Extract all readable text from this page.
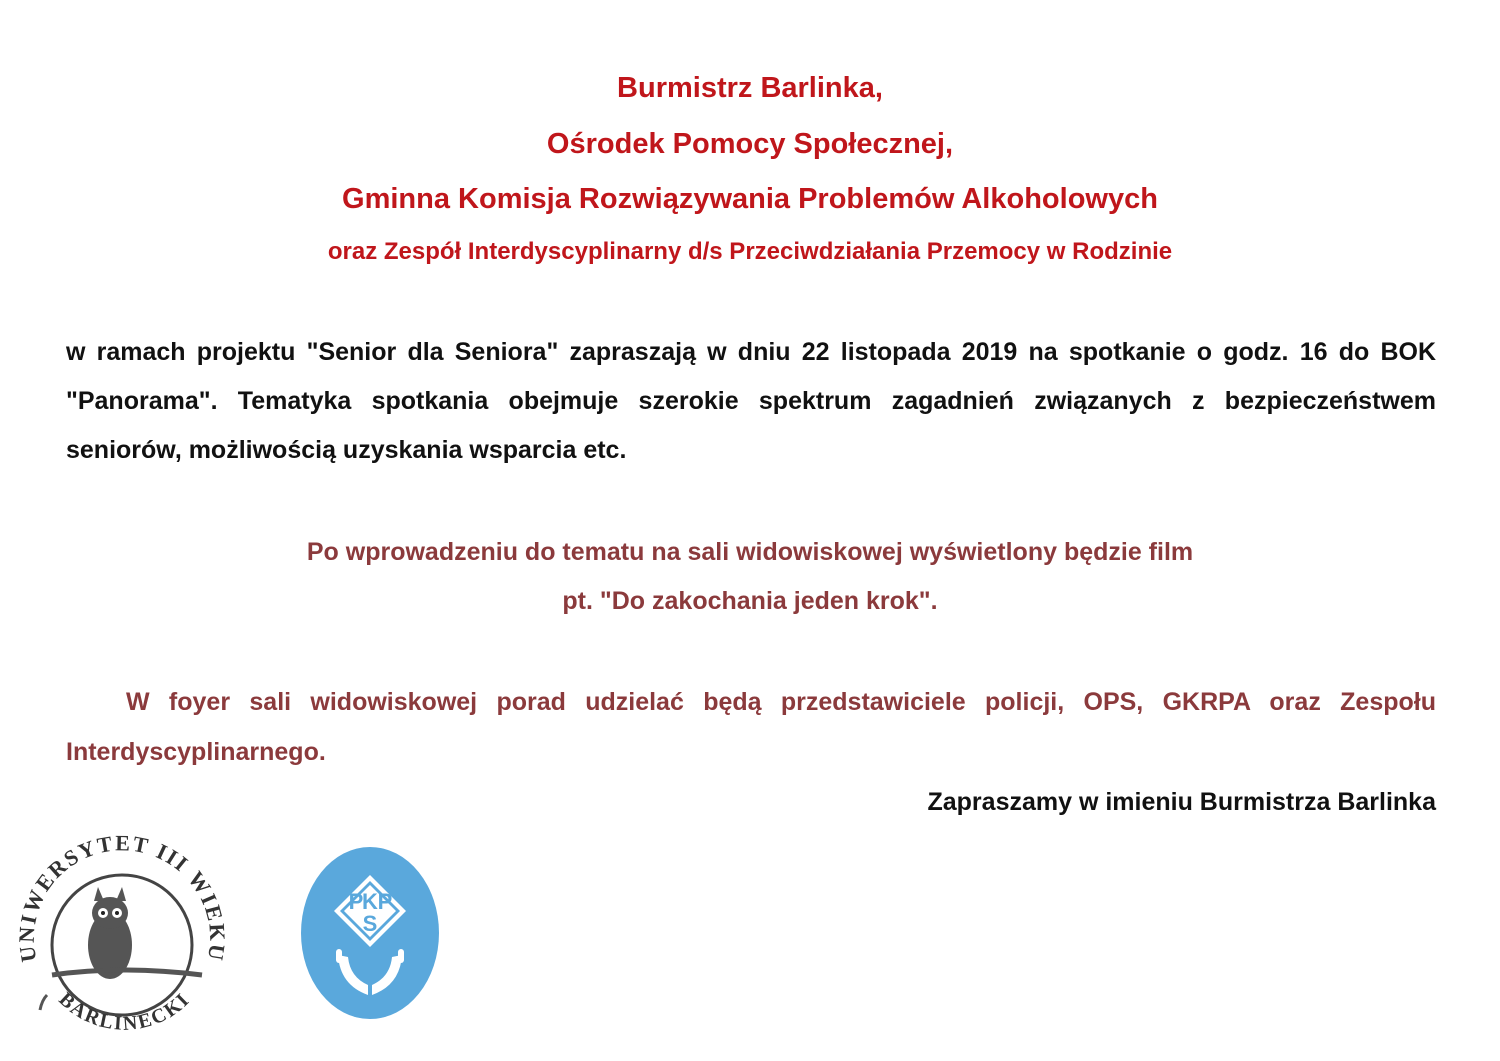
Burmistrz Barlinka,
Ośrodek Pomocy Społecznej,
Gminna Komisja Rozwiązywania Problemów Alkoholowych
oraz Zespół Interdyscyplinarny d/s Przeciwdziałania Przemocy w Rodzinie
w ramach projektu "Senior dla Seniora" zapraszają w dniu 22 listopada 2019 na spotkanie o godz. 16 do BOK "Panorama". Tematyka spotkania obejmuje szerokie spektrum zagadnień związanych z bezpieczeństwem seniorów, możliwością uzyskania wsparcia etc.
Po wprowadzeniu do tematu na sali widowiskowej wyświetlony będzie film
pt. "Do zakochania jeden krok".
W foyer sali widowiskowej porad udzielać będą przedstawiciele policji, OPS, GKRPA oraz Zespołu Interdyscyplinarnego.
Zapraszamy w imieniu Burmistrza Barlinka
UNIWERSYTET III WIEKU
BARLINECKI
P
K
S
P
